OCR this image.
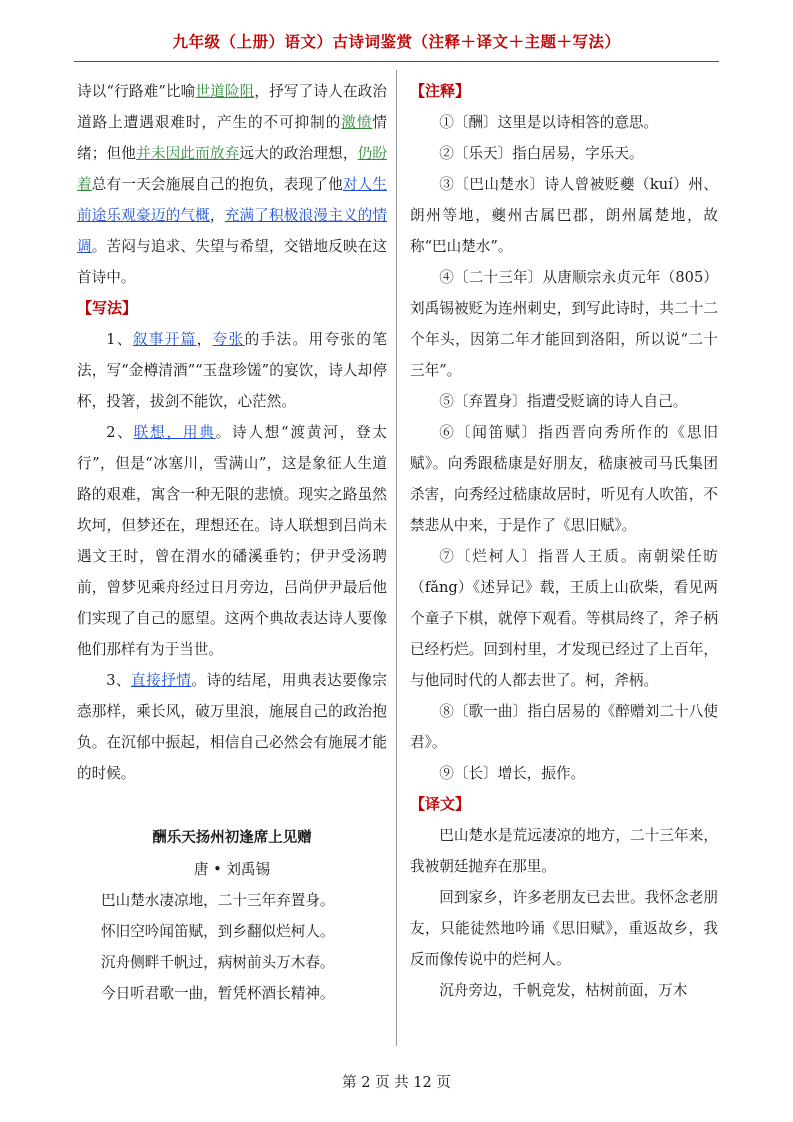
九年级（上册）语文）古诗词鉴赏（注释＋译文＋主题＋写法）

诗以“行路难”比喻世道险阻，抒写了诗人在政治道路上遭遇艰难时，产生的不可抑制的激愤情绪；但他并未因此而放弃远大的政治理想，仍盼着总有一天会施展自己的抱负，表现了他对人生前途乐观豪迈的气概，充满了积极浪漫主义的情调。苦闷与追求、失望与希望，交错地反映在这首诗中。

【写法】

1、叙事开篇，夸张的手法。用夸张的笔法，写“金樽清酒”“玉盘珍馐”的宴饮，诗人却停杯，投箸，拔剑不能饮，心茫然。

2、联想，用典。诗人想“渡黄河，登太行”，但是“冰塞川，雪满山”，这是象征人生道路的艰难，寓含一种无限的悲愤。现实之路虽然坎坷，但梦还在，理想还在。诗人联想到吕尚未遇文王时，曾在渭水的磻溪垂钓；伊尹受汤聘前，曾梦见乘舟经过日月旁边，吕尚伊尹最后他们实现了自己的愿望。这两个典故表达诗人要像他们那样有为于当世。

3、直接抒情。诗的结尾，用典表达要像宗悫那样，乘长风，破万里浪，施展自己的政治抱负。在沉郁中振起，相信自己必然会有施展才能的时候。

酬乐天扬州初逢席上见赠

唐 • 刘禹锡

巴山楚水凄凉地，二十三年弃置身。

怀旧空吟闻笛赋，到乡翻似烂柯人。

沉舟侧畔千帆过，病树前头万木春。

今日听君歌一曲，暂凭杯酒长精神。

【注释】

①〔酬〕这里是以诗相答的意思。

②〔乐天〕指白居易，字乐天。

③〔巴山楚水〕诗人曾被贬夔（kuí）州、朗州等地，夔州古属巴郡，朗州属楚地，故称“巴山楚水”。

④〔二十三年〕从唐顺宗永贞元年（805）刘禹锡被贬为连州刺史，到写此诗时，共二十二个年头，因第二年才能回到洛阳，所以说“二十三年”。

⑤〔弃置身〕指遭受贬谪的诗人自己。

⑥〔闻笛赋〕指西晋向秀所作的《思旧赋》。向秀跟嵇康是好朋友，嵇康被司马氏集团杀害，向秀经过嵇康故居时，听见有人吹笛，不禁悲从中来，于是作了《思旧赋》。

⑦〔烂柯人〕指晋人王质。南朝梁任昉（fǎng）《述异记》载，王质上山砍柴，看见两个童子下棋，就停下观看。等棋局终了，斧子柄已经朽烂。回到村里，才发现已经过了上百年，与他同时代的人都去世了。柯，斧柄。

⑧〔歌一曲〕指白居易的《醉赠刘二十八使君》。

⑨〔长〕增长，振作。

【译文】

巴山楚水是荒远凄凉的地方，二十三年来，我被朝廷抛弃在那里。

回到家乡，许多老朋友已去世。我怀念老朋友，只能徒然地吟诵《思旧赋》，重返故乡，我反而像传说中的烂柯人。

沉舟旁边，千帆竞发，枯树前面，万木

第 2 页 共 12 页
